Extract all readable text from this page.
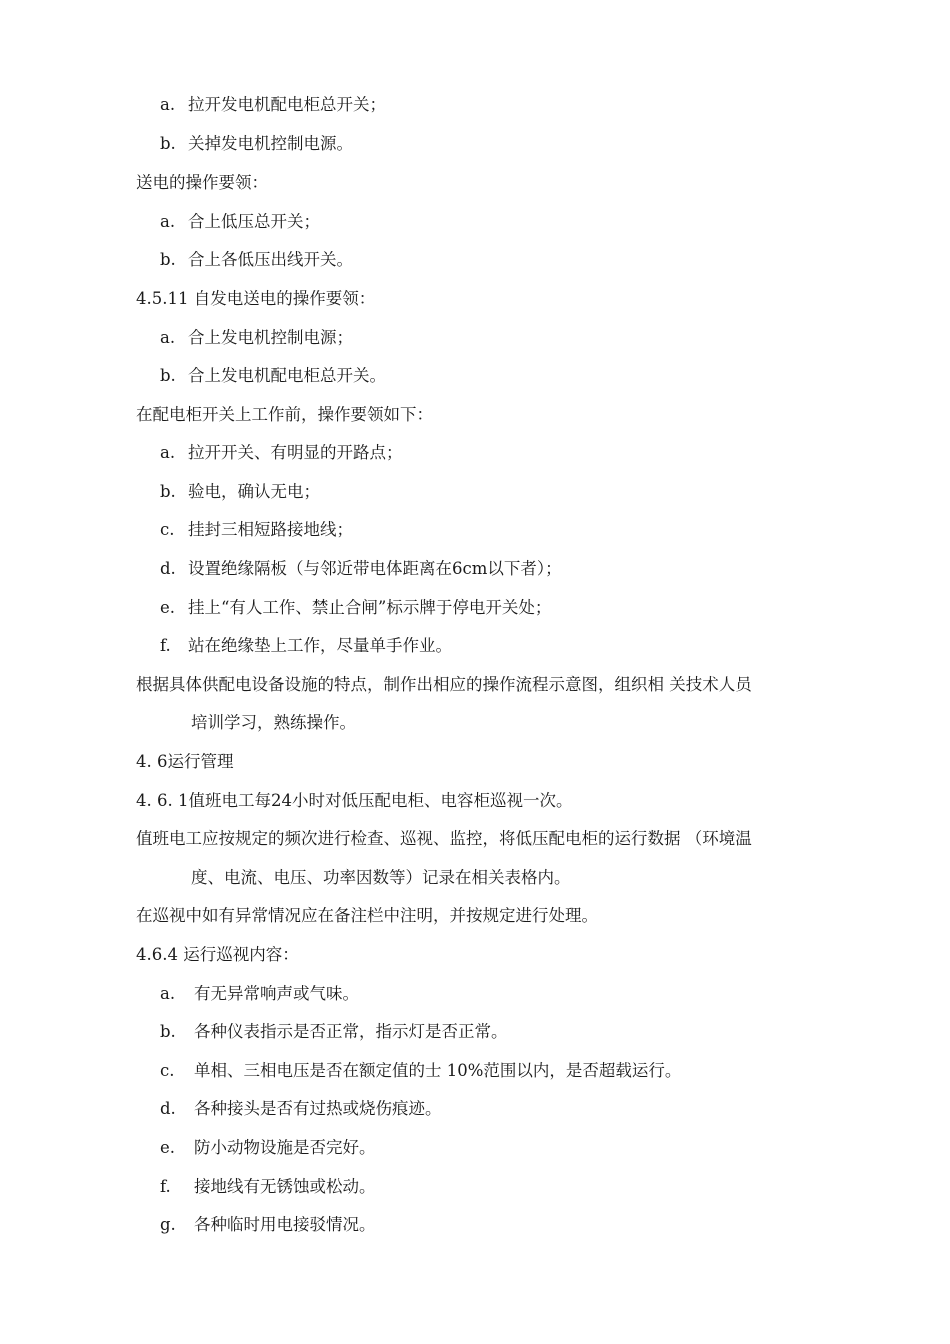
a. 拉开发电机配电柜总开关；
b. 关掉发电机控制电源。
送电的操作要领：
a. 合上低压总开关；
b. 合上各低压出线开关。
4.5.11 自发电送电的操作要领：
a. 合上发电机控制电源；
b. 合上发电机配电柜总开关。
在配电柜开关上工作前，操作要领如下：
a. 拉开开关、有明显的开路点；
b. 验电，确认无电；
c. 挂封三相短路接地线；
d. 设置绝缘隔板（与邻近带电体距离在6cm以下者）；
e. 挂上“有人工作、禁止合闸”标示牌于停电开关处；
f. 站在绝缘垫上工作，尽量单手作业。
根据具体供配电设备设施的特点，制作出相应的操作流程示意图，组织相 关技术人员
培训学习，熟练操作。
4. 6运行管理
4. 6. 1值班电工每24小时对低压配电柜、电容柜巡视一次。
值班电工应按规定的频次进行检查、巡视、监控，将低压配电柜的运行数据 （环境温
度、电流、电压、功率因数等）记录在相关表格内。
在巡视中如有异常情况应在备注栏中注明，并按规定进行处理。
4.6.4 运行巡视内容：
a. 有无异常响声或气味。
b. 各种仪表指示是否正常，指示灯是否正常。
c. 单相、三相电压是否在额定值的士 10%范围以内，是否超载运行。
d. 各种接头是否有过热或烧伤痕迹。
e. 防小动物设施是否完好。
f. 接地线有无锈蚀或松动。
g. 各种临时用电接驳情况。
